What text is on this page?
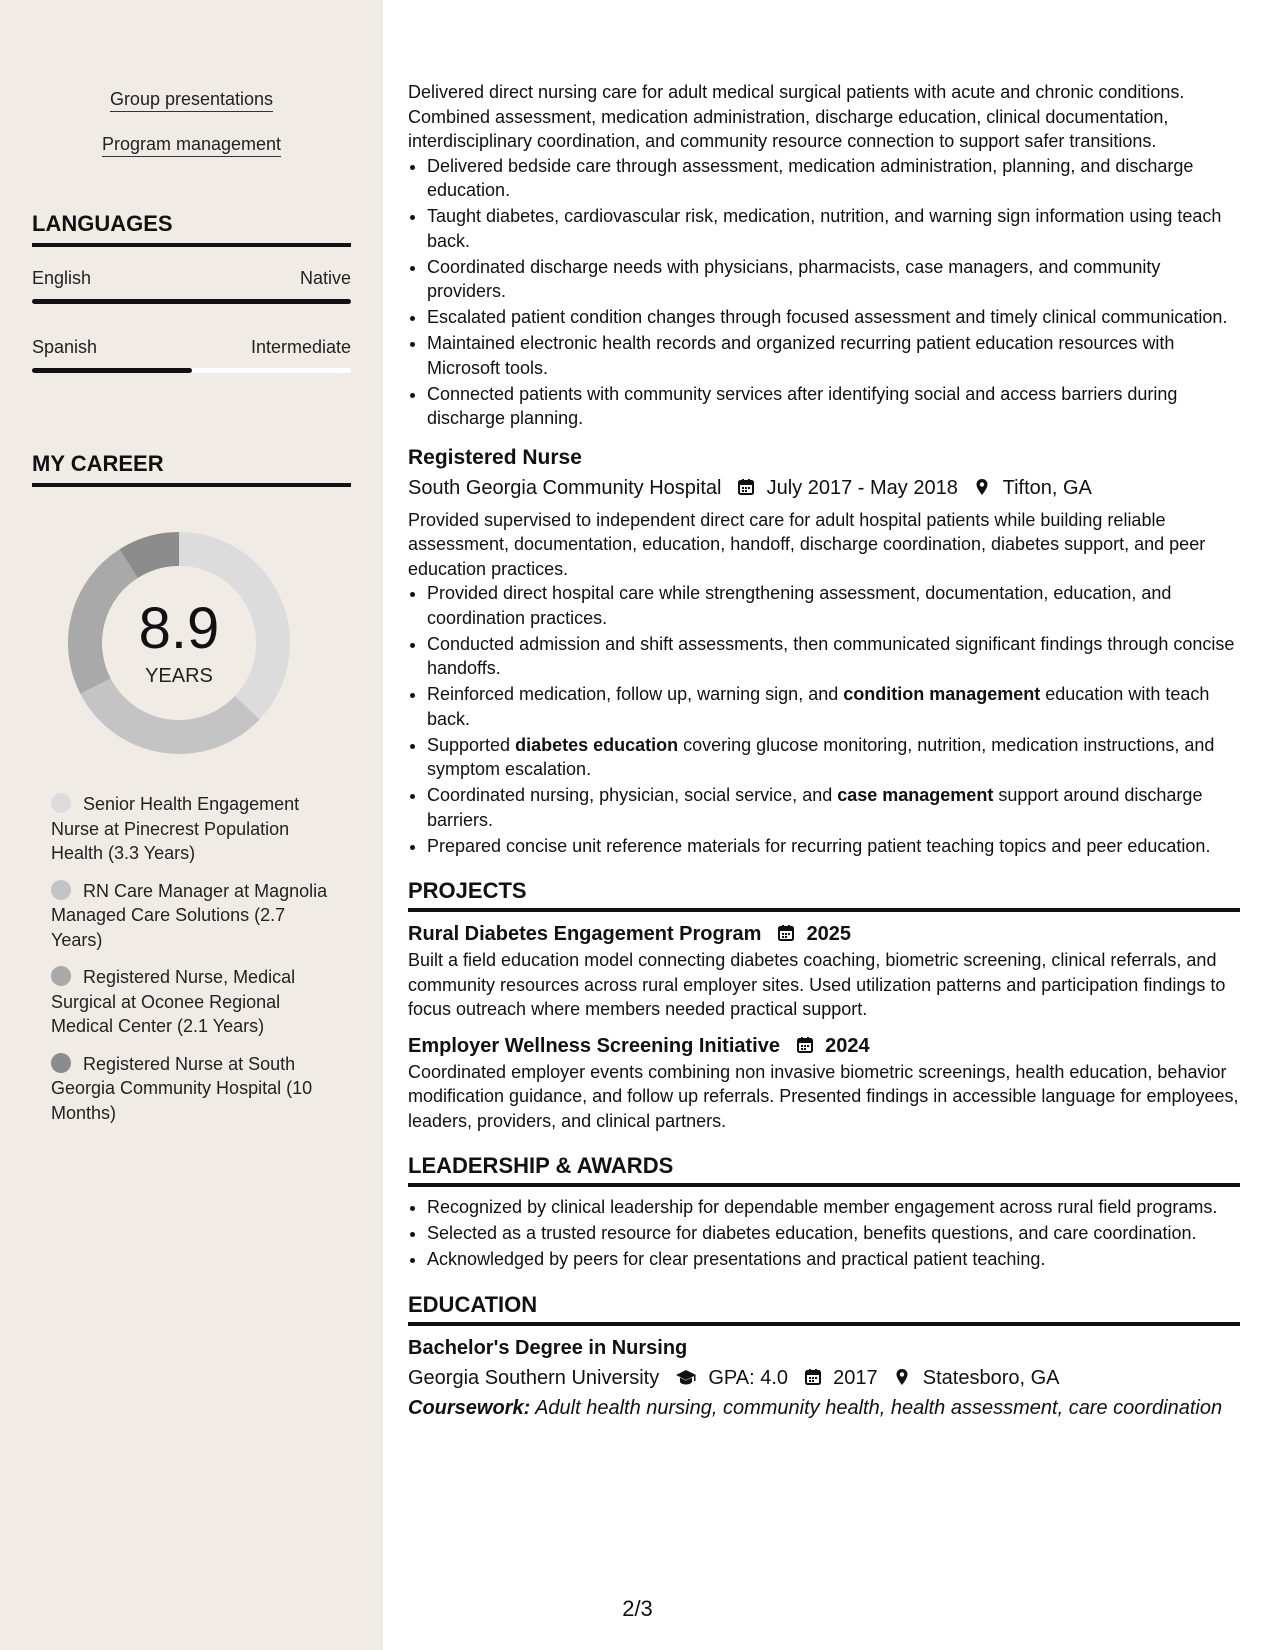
Group presentations
Program management
LANGUAGES
English	Native
Spanish	Intermediate
MY CAREER
8.9
YEARS
Senior Health Engagement Nurse at Pinecrest Population Health (3.3 Years)
RN Care Manager at Magnolia Managed Care Solutions (2.7 Years)
Registered Nurse, Medical Surgical at Oconee Regional Medical Center (2.1 Years)
Registered Nurse at South Georgia Community Hospital (10 Months)

Delivered direct nursing care for adult medical surgical patients with acute and chronic conditions. Combined assessment, medication administration, discharge education, clinical documentation, interdisciplinary coordination, and community resource connection to support safer transitions.

• Delivered bedside care through assessment, medication administration, planning, and discharge education.
• Taught diabetes, cardiovascular risk, medication, nutrition, and warning sign information using teach back.
• Coordinated discharge needs with physicians, pharmacists, case managers, and community providers.
• Escalated patient condition changes through focused assessment and timely clinical communication.
• Maintained electronic health records and organized recurring patient education resources with Microsoft tools.
• Connected patients with community services after identifying social and access barriers during discharge planning.
Registered Nurse
South Georgia Community Hospital July 2017 - May 2018 Tifton, GA

Provided supervised to independent direct care for adult hospital patients while building reliable assessment, documentation, education, handoff, discharge coordination, diabetes support, and peer education practices.

• Provided direct hospital care while strengthening assessment, documentation, education, and coordination practices.
• Conducted admission and shift assessments, then communicated significant findings through concise handoffs.
• Reinforced medication, follow up, warning sign, and condition management education with teach back.
• Supported diabetes education covering glucose monitoring, nutrition, medication instructions, and symptom escalation.
• Coordinated nursing, physician, social service, and case management support around discharge barriers.
• Prepared concise unit reference materials for recurring patient teaching topics and peer education.
PROJECTS
Rural Diabetes Engagement Program 2025

Built a field education model connecting diabetes coaching, biometric screening, clinical referrals, and community resources across rural employer sites. Used utilization patterns and participation findings to focus outreach where members needed practical support.

Employer Wellness Screening Initiative 2024

Coordinated employer events combining non invasive biometric screenings, health education, behavior modification guidance, and follow up referrals. Presented findings in accessible language for employees, leaders, providers, and clinical partners.

LEADERSHIP & AWARDS
• Recognized by clinical leadership for dependable member engagement across rural field programs.
• Selected as a trusted resource for diabetes education, benefits questions, and care coordination.
• Acknowledged by peers for clear presentations and practical patient teaching.
EDUCATION
Bachelor's Degree in Nursing
Georgia Southern University GPA: 4.0 2017 Statesboro, GA
Coursework: Adult health nursing, community health, health assessment, care coordination
2/3
